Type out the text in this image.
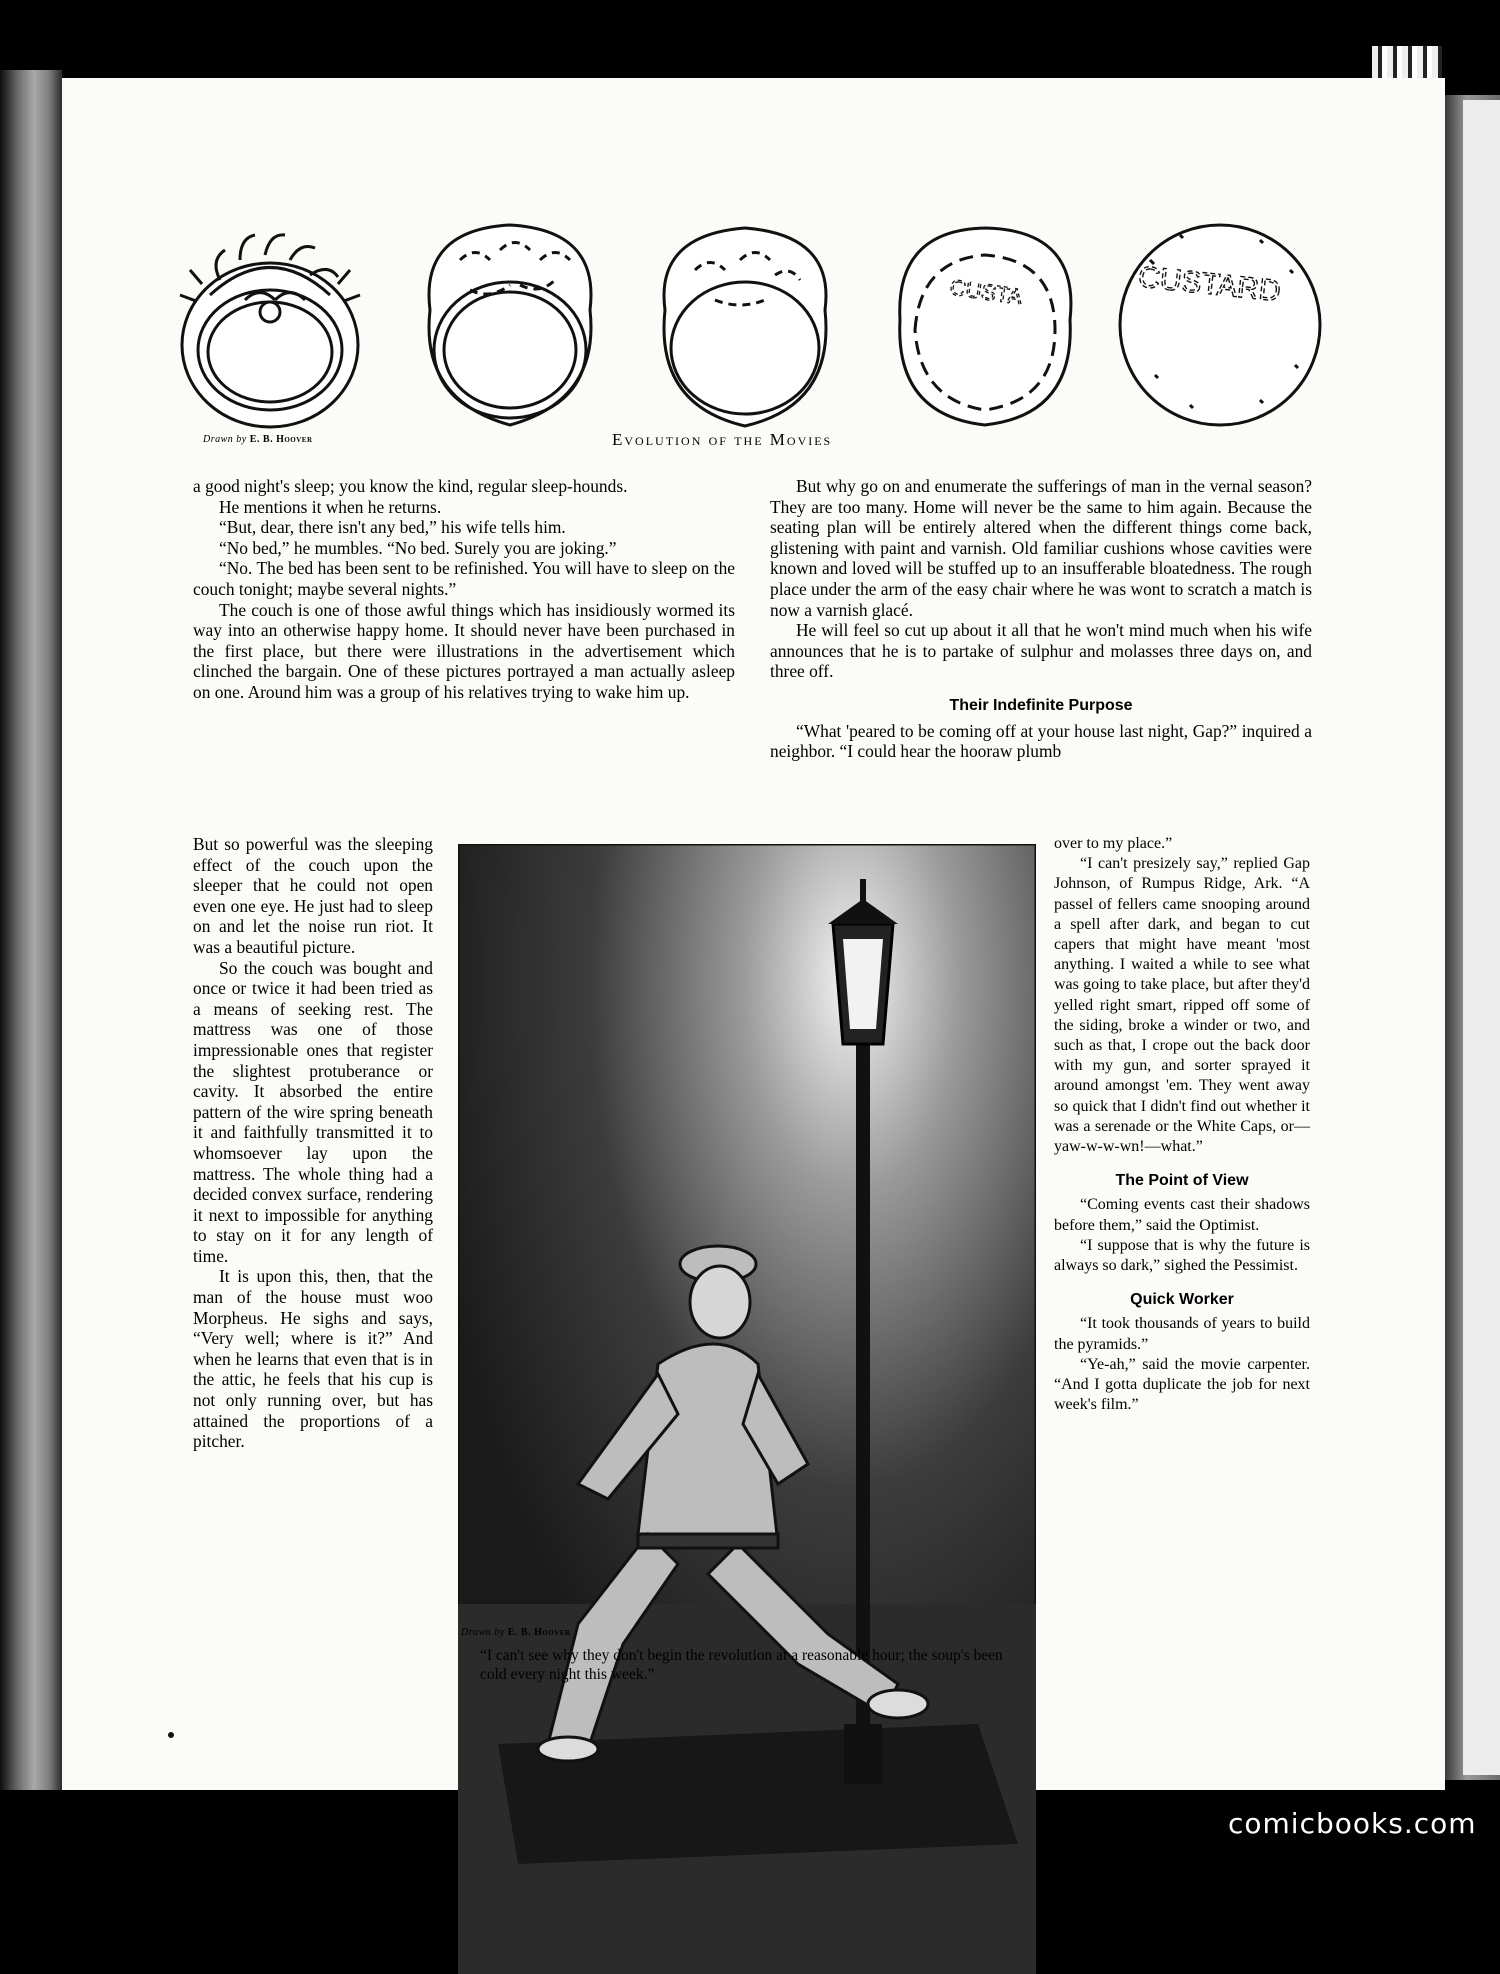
CUSTA	CUSTARD
Drawn by E. B. Hoover	Evolution of the Movies

a good night's sleep; you know the kind, regular sleep-hounds.

He mentions it when he returns.

“But, dear, there isn't any bed,” his wife tells him.

“No bed,” he mumbles. “No bed. Surely you are joking.”

“No. The bed has been sent to be refinished. You will have to sleep on the couch tonight; maybe several nights.”

The couch is one of those awful things which has insidiously wormed its way into an otherwise happy home. It should never have been purchased in the first place, but there were illustrations in the advertisement which clinched the bargain. One of these pictures portrayed a man actually asleep on one. Around him was a group of his relatives trying to wake him up.

But so powerful was the sleeping effect of the couch upon the sleeper that he could not open even one eye. He just had to sleep on and let the noise run riot. It was a beautiful picture.

So the couch was bought and once or twice it had been tried as a means of seeking rest. The mattress was one of those impressionable ones that register the slightest protuberance or cavity. It absorbed the entire pattern of the wire spring beneath it and faithfully transmitted it to whomsoever lay upon the mattress. The whole thing had a decided convex surface, rendering it next to impossible for anything to stay on it for any length of time.

It is upon this, then, that the man of the house must woo Morpheus. He sighs and says, “Very well; where is it?” And when he learns that even that is in the attic, he feels that his cup is not only running over, but has attained the proportions of a pitcher.

But why go on and enumerate the sufferings of man in the vernal season? They are too many. Home will never be the same to him again. Because the seating plan will be entirely altered when the different things come back, glistening with paint and varnish. Old familiar cushions whose cavities were known and loved will be stuffed up to an insufferable bloatedness. The rough place under the arm of the easy chair where he was wont to scratch a match is now a varnish glacé.

He will feel so cut up about it all that he won't mind much when his wife announces that he is to partake of sulphur and molasses three days on, and three off.

Their Indefinite Purpose

“What 'peared to be coming off at your house last night, Gap?” inquired a neighbor. “I could hear the hooraw plumb

Drawn by E. B. Hoover
“I can't see why they don't begin the revolution at a reasonable hour; the soup's been cold every night this week.”

over to my place.”

“I can't presizely say,” replied Gap Johnson, of Rumpus Ridge, Ark. “A passel of fellers came snooping around a spell after dark, and began to cut capers that might have meant 'most anything. I waited a while to see what was going to take place, but after they'd yelled right smart, ripped off some of the siding, broke a winder or two, and such as that, I crope out the back door with my gun, and sorter sprayed it around amongst 'em. They went away so quick that I didn't find out whether it was a serenade or the White Caps, or—yaw-w-w-wn!—what.”

The Point of View

“Coming events cast their shadows before them,” said the Optimist.

“I suppose that is why the future is always so dark,” sighed the Pessimist.

Quick Worker

“It took thousands of years to build the pyramids.”

“Ye-ah,” said the movie carpenter. “And I gotta duplicate the job for next week's film.”

comicbooks.com
